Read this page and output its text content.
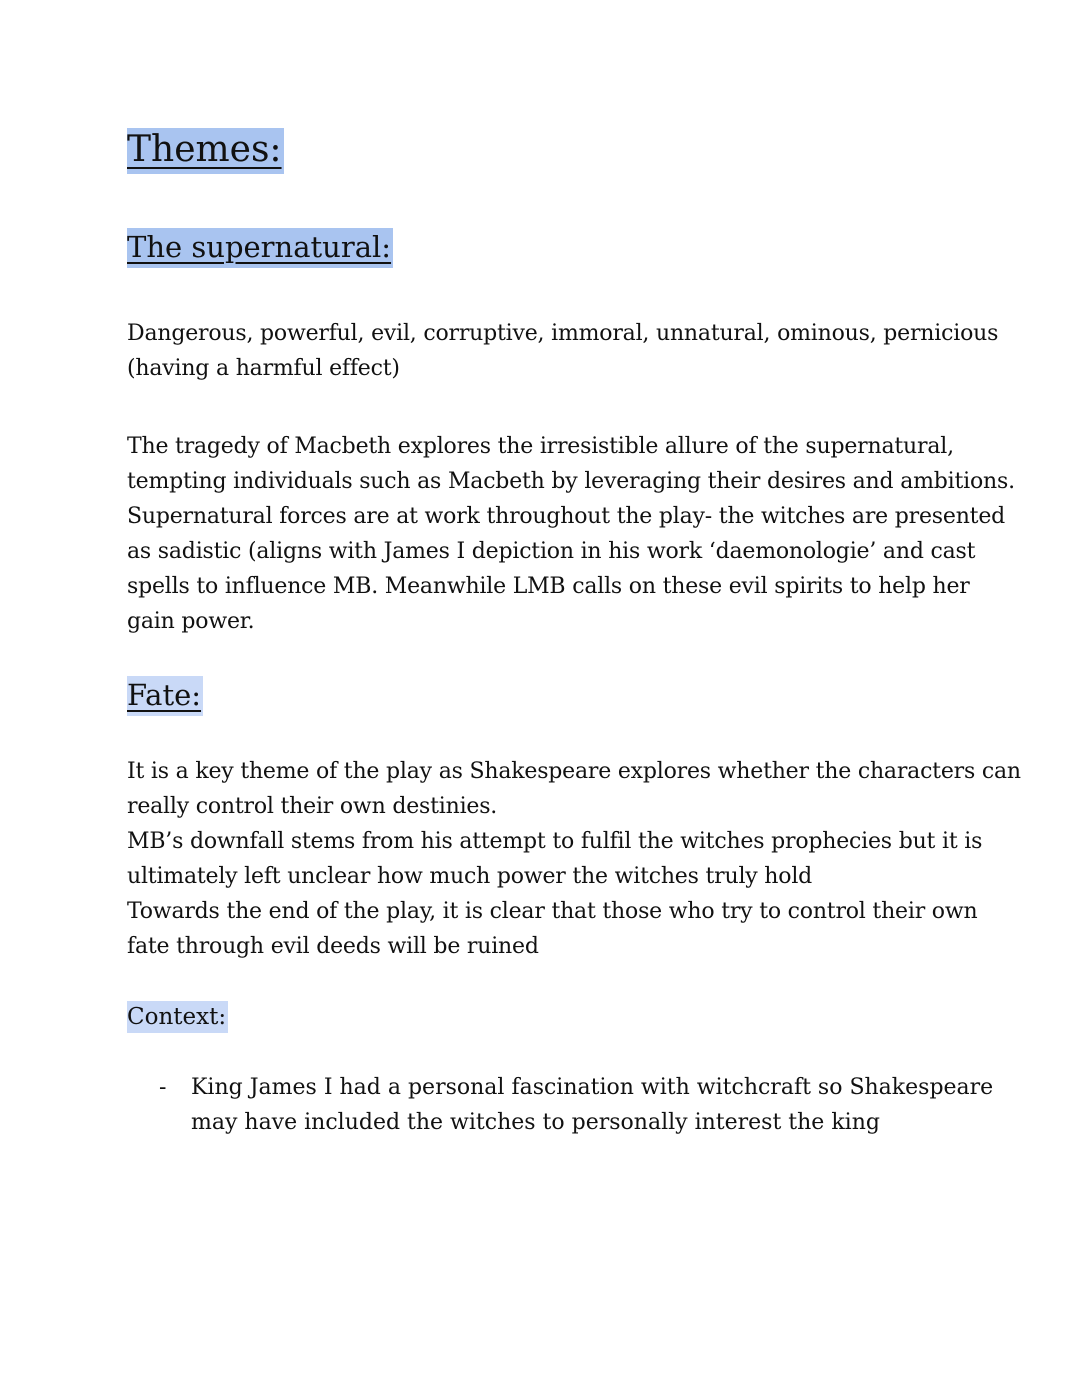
Themes:
The supernatural:

Dangerous, powerful, evil, corruptive, immoral, unnatural, ominous, pernicious
(having a harmful effect)

The tragedy of Macbeth explores the irresistible allure of the supernatural,
tempting individuals such as Macbeth by leveraging their desires and ambitions.
Supernatural forces are at work throughout the play- the witches are presented
as sadistic (aligns with James I depiction in his work ‘daemonologie’ and cast
spells to influence MB. Meanwhile LMB calls on these evil spirits to help her
gain power.

Fate:

It is a key theme of the play as Shakespeare explores whether the characters can
really control their own destinies.
MB’s downfall stems from his attempt to fulfil the witches prophecies but it is
ultimately left unclear how much power the witches truly hold
Towards the end of the play, it is clear that those who try to control their own
fate through evil deeds will be ruined

Context:
- King James I had a personal fascination with witchcraft so Shakespeare
may have included the witches to personally interest the king
